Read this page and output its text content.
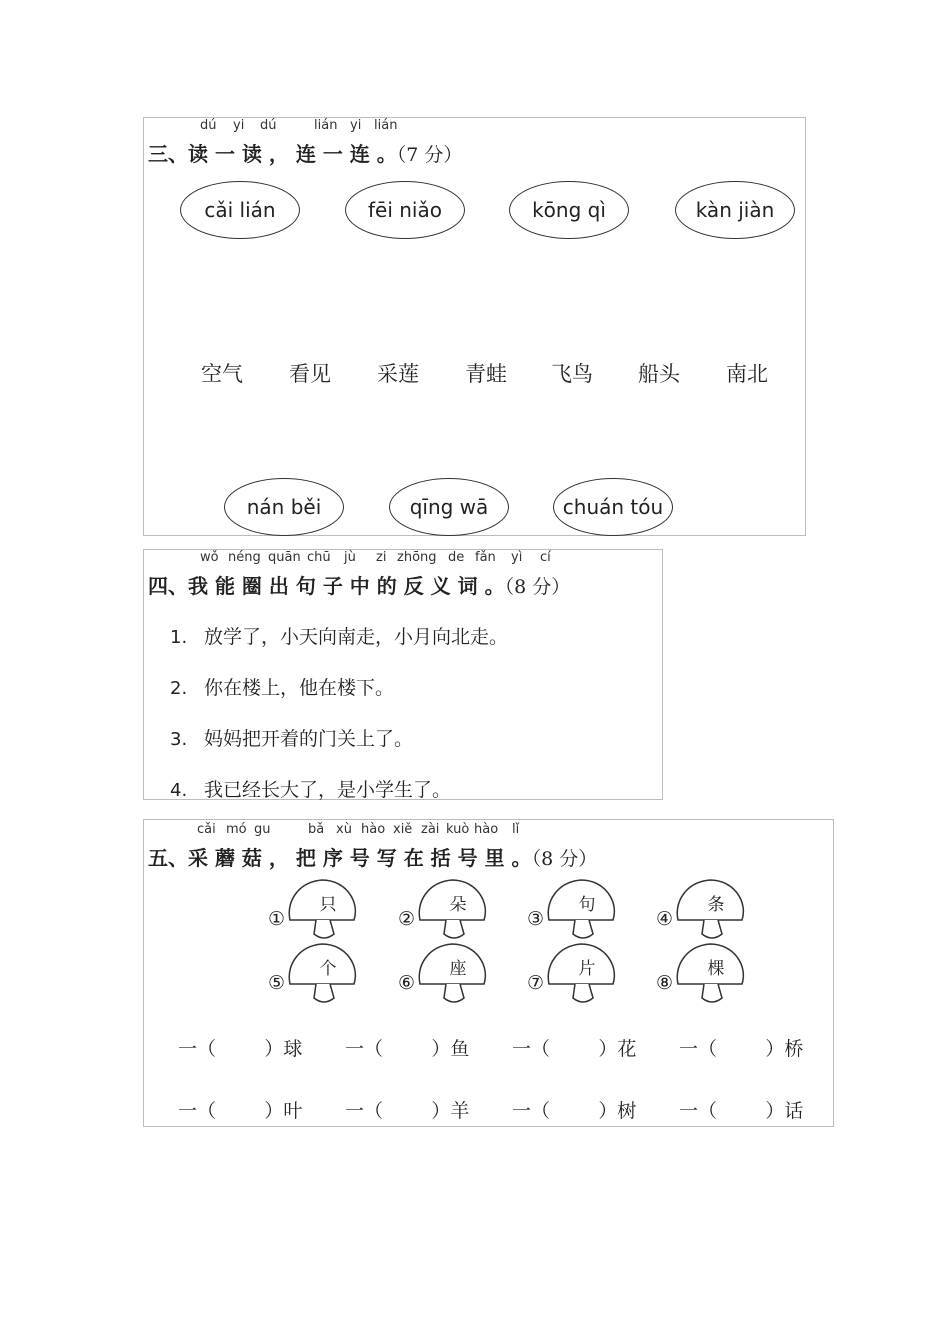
dú yi dú	lián yi lián
三、读 一 读 ， 连 一 连 。（7 分）
cǎi lián	fēi niǎo	kōng qì	kàn jiàn
空气 看见 采莲 青蛙 飞鸟 船头 南北
nán běi	qīng wā	chuán tóu
wǒ néng quān chū jù zi zhōng de fǎn yì cí
四、我 能 圈 出 句 子 中 的 反 义 词 。（8 分）
1. 放学了，小天向南走，小月向北走。
2. 你在楼上，他在楼下。
3. 妈妈把开着的门关上了。
4. 我已经长大了，是小学生了。
cǎi mó gu	bǎ xù hào xiě zài kuò hào lǐ
五、采 蘑 菇 ， 把 序 号 写 在 括 号 里 。（8 分）
①
只
②
朵
③
句
④
条
⑤
个
⑥
座
⑦
片
⑧
棵
一（        ）球 一（        ）鱼 一（        ）花 一（        ）桥
一（        ）叶 一（        ）羊 一（        ）树 一（        ）话
